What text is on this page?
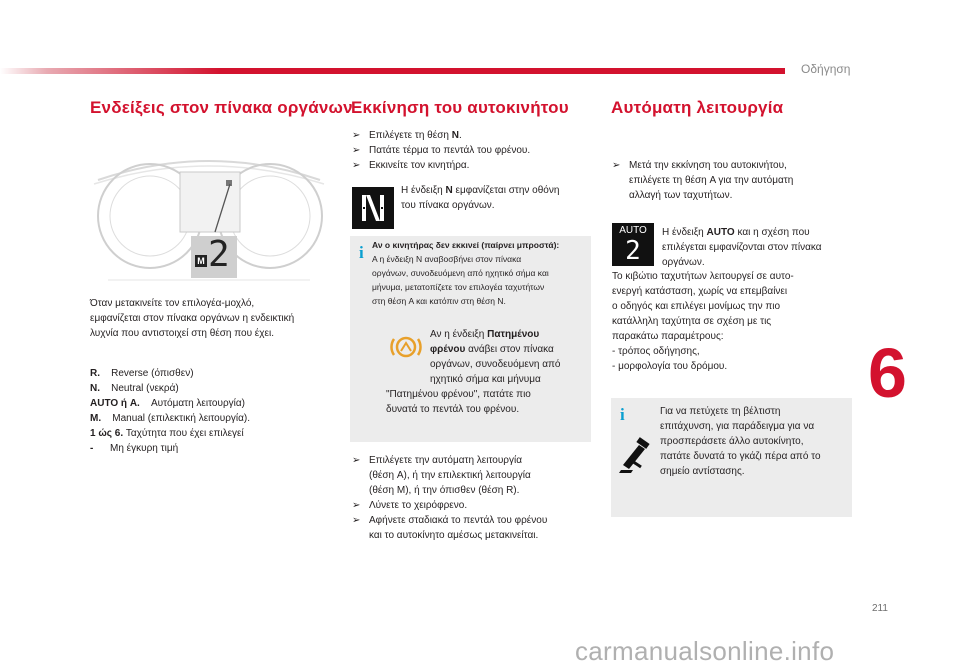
Οδήγηση
Ενδείξεις στον πίνακα οργάνων
M 2
Όταν μετακινείτε τον επιλογέα-μοχλό,
εμφανίζεται στον πίνακα οργάνων η ενδεικτική
λυχνία που αντιστοιχεί στη θέση που έχει.
R. Reverse (όπισθεν)
N. Neutral (νεκρά)
AUTO ή A. Αυτόματη λειτουργία)
M. Manual (επιλεκτική λειτουργία).
1 ώς 6. Ταχύτητα που έχει επιλεγεί
- Μη έγκυρη τιμή
Εκκίνηση του αυτοκινήτου
➢ Επιλέγετε τη θέση N.
➢ Πατάτε τέρμα το πεντάλ του φρένου.
➢ Εκκινείτε τον κινητήρα.
Η ένδειξη N εμφανίζεται στην οθόνη
του πίνακα οργάνων.
i Αν ο κινητήρας δεν εκκινεί (παίρνει μπροστά):
Α η ένδειξη N αναβοσβήνει στον πίνακα
οργάνων, συνοδευόμενη από ηχητικό σήμα και
μήνυμα, μετατοπίζετε τον επιλογέα ταχυτήτων
στη θέση A και κατόπιν στη θέση N.
Αν η ένδειξη Πατημένου
φρένου ανάβει στον πίνακα
οργάνων, συνοδευόμενη από
ηχητικό σήμα και μήνυμα
"Πατημένου φρένου", πατάτε πιο
δυνατά το πεντάλ του φρένου.
➢ Επιλέγετε την αυτόματη λειτουργία
(θέση A), ή την επιλεκτική λειτουργία
(θέση M), ή την όπισθεν (θέση R).
➢ Λύνετε το χειρόφρενο.
➢ Αφήνετε σταδιακά το πεντάλ του φρένου
και το αυτοκίνητο αμέσως μετακινείται.
Αυτόματη λειτουργία
➢ Μετά την εκκίνηση του αυτοκινήτου,
επιλέγετε τη θέση A για την αυτόματη
αλλαγή των ταχυτήτων.
AUTO
2
Η ένδειξη AUTO και η σχέση που
επιλέγεται εμφανίζονται στον πίνακα
οργάνων.
Το κιβώτιο ταχυτήτων λειτουργεί σε αυτο-
ενεργή κατάσταση, χωρίς να επεμβαίνει
ο οδηγός και επιλέγει μονίμως την πιο
κατάλληλη ταχύτητα σε σχέση με τις
παρακάτω παραμέτρους:
- τρόπος οδήγησης,
- μορφολογία του δρόμου.
i	Για να πετύχετε τη βέλτιστη
επιτάχυνση, για παράδειγμα για να
προσπεράσετε άλλο αυτοκίνητο,
πατάτε δυνατά το γκάζι πέρα από το
σημείο αντίστασης.
6
211
carmanualsonline.info
